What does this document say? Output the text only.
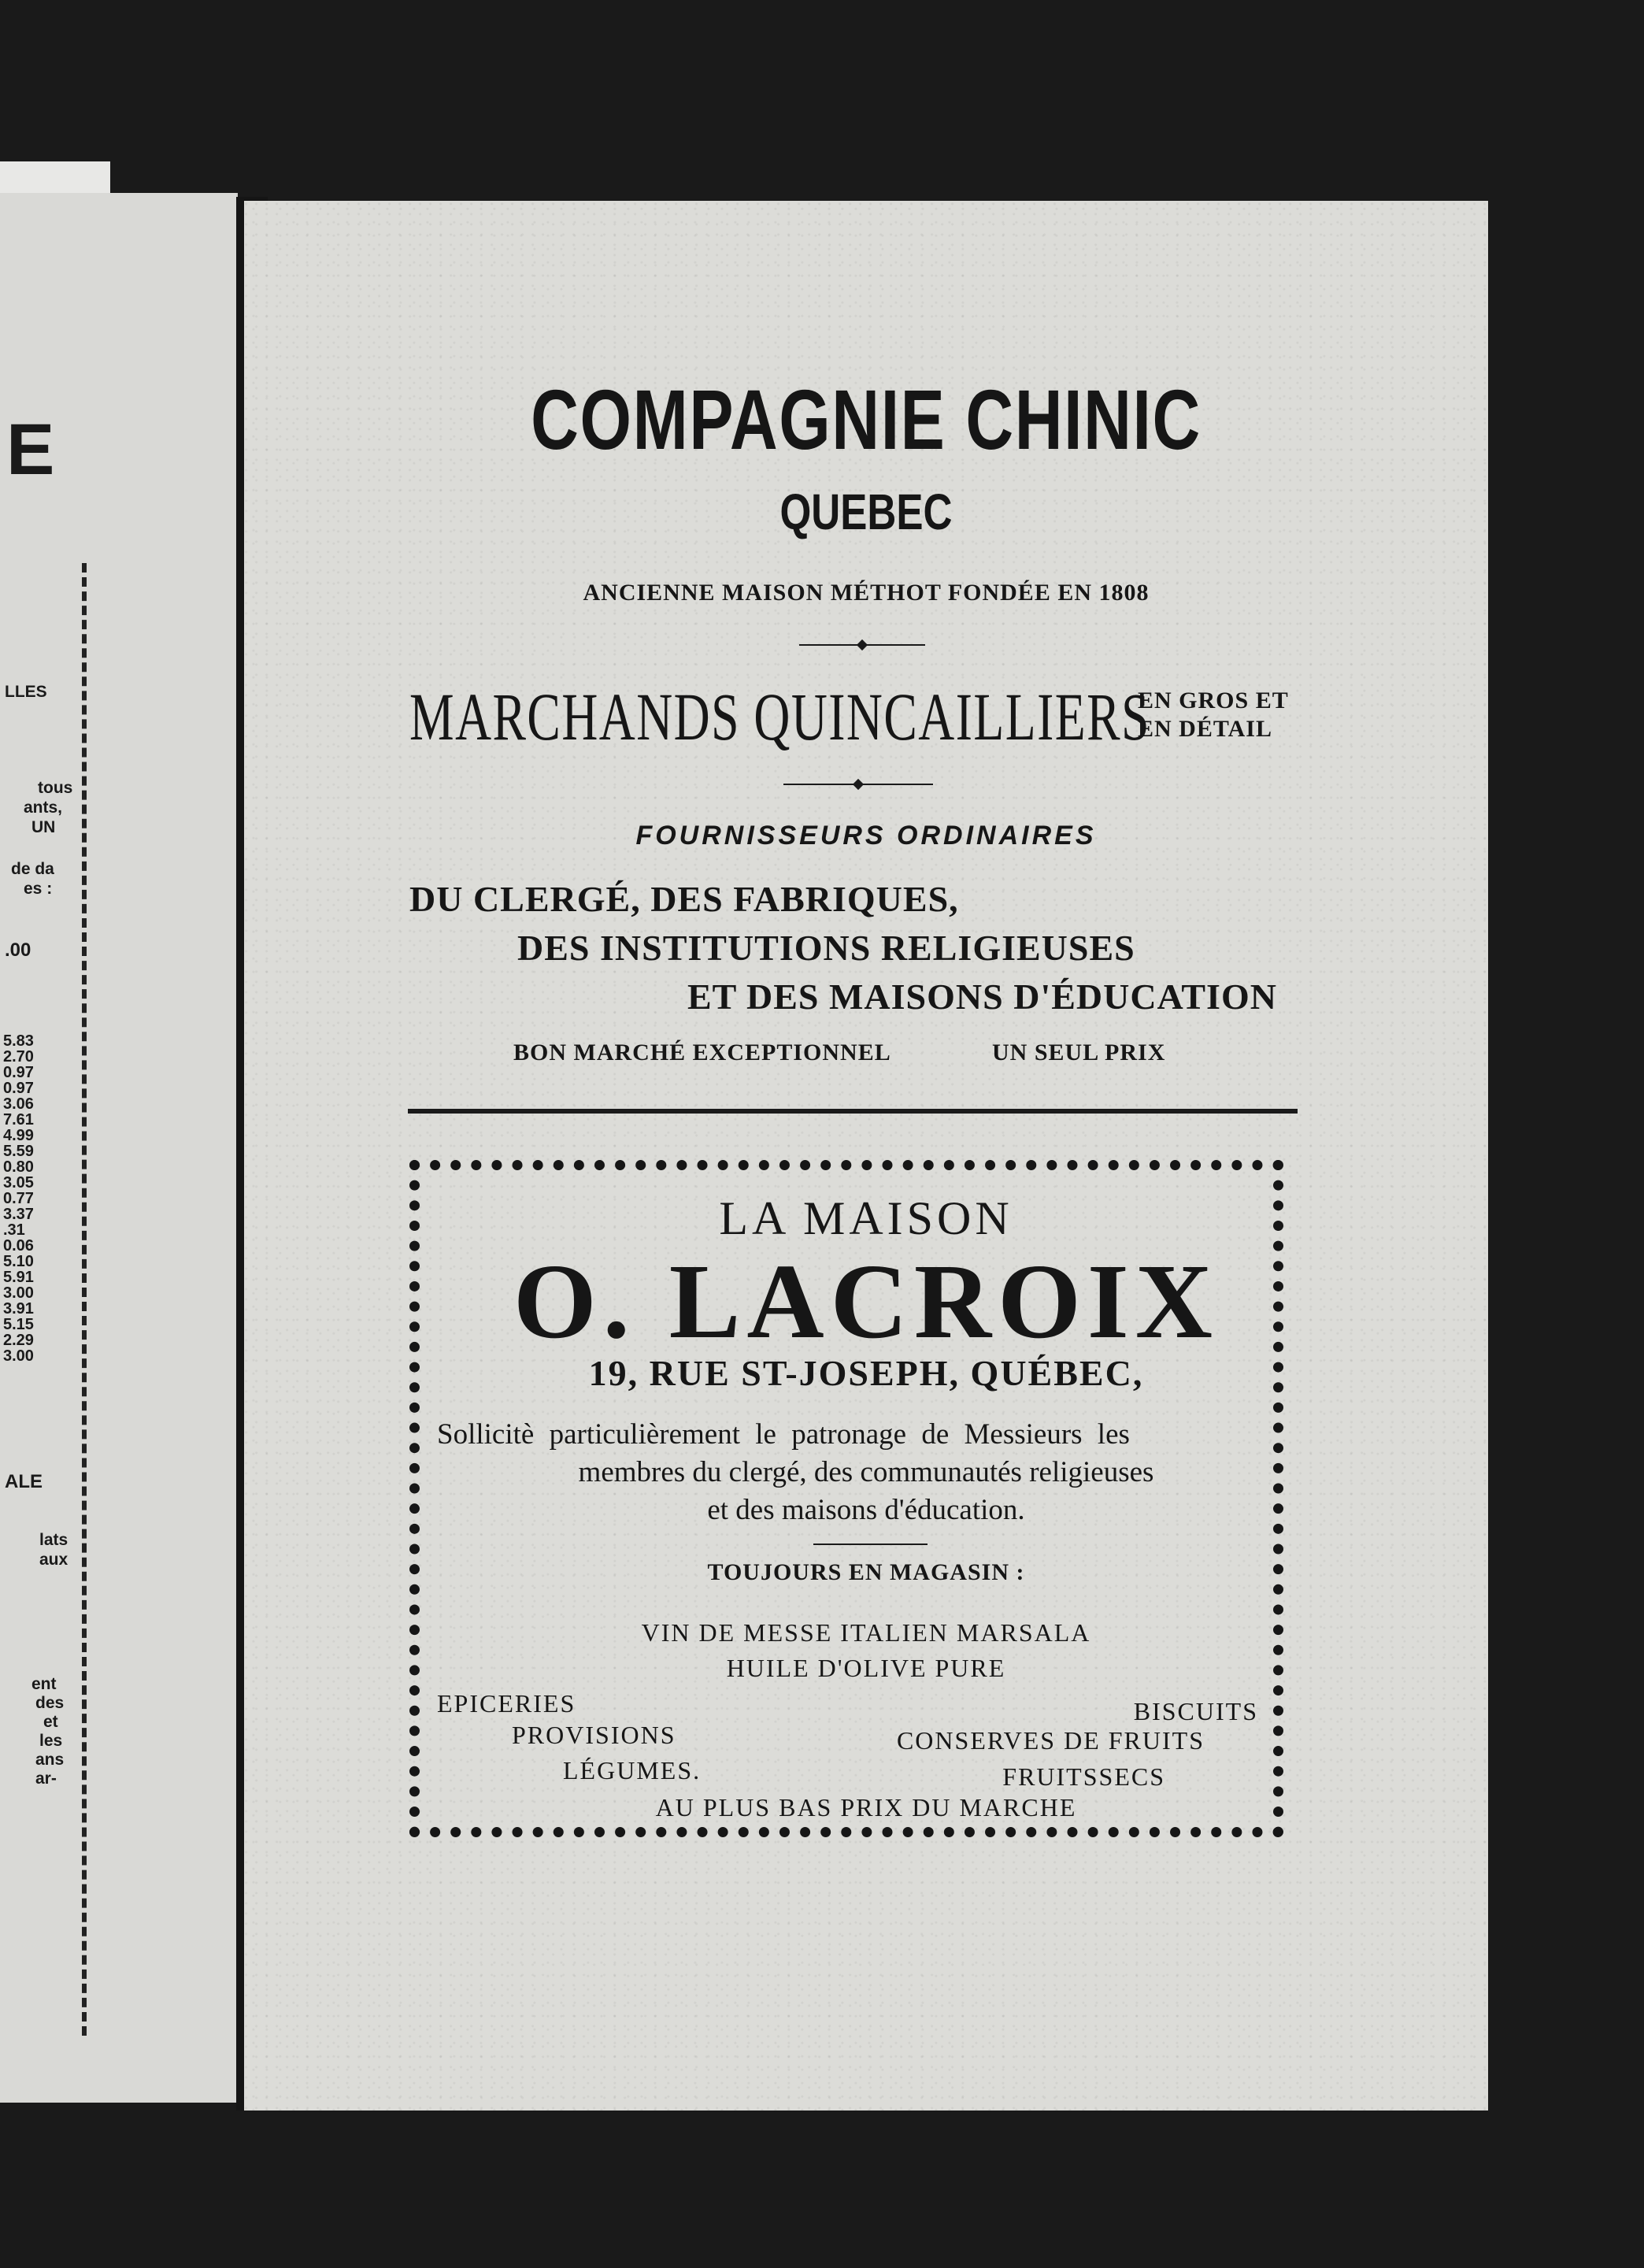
E
LLES
tous
ants,
UN
de da
es :
.00
5.83
2.70
0.97
0.97
3.06
7.61
4.99
5.59
0.80
3.05
0.77
3.37
.31
0.06
5.10
5.91
3.00
3.91
5.15
2.29
3.00
ALE
lats
aux
ent
des
et
les
ans
ar-
COMPAGNIE CHINIC
QUEBEC
ANCIENNE MAISON MÉTHOT FONDÉE EN 1808
MARCHANDS QUINCAILLIERS
EN GROS ET
EN DÉTAIL
FOURNISSEURS ORDINAIRES
DU CLERGÉ, DES FABRIQUES,
DES INSTITUTIONS RELIGIEUSES
ET DES MAISONS D'ÉDUCATION
BON MARCHÉ EXCEPTIONNEL	UN SEUL PRIX
LA MAISON
O. LACROIX
19, RUE ST-JOSEPH, QUÉBEC,
Sollicitè particulièrement le patronage de Messieurs les
membres du clergé, des communautés religieuses
et des maisons d'éducation.
TOUJOURS EN MAGASIN :
VIN DE MESSE ITALIEN MARSALA
HUILE D'OLIVE PURE
EPICERIES	BISCUITS
PROVISIONS	CONSERVES DE FRUITS
LÉGUMES.	FRUITSSECS
AU PLUS BAS PRIX DU MARCHE
